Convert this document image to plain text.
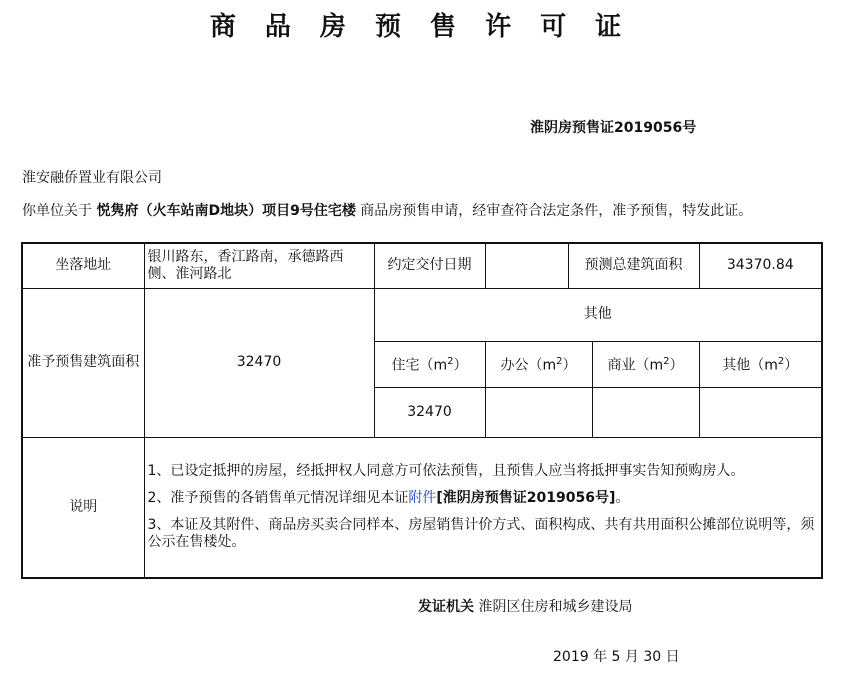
商 品 房 预 售 许 可 证
淮阴房预售证2019056号
淮安融侨置业有限公司
你单位关于 悦隽府（火车站南D地块）项目9号住宅楼 商品房预售申请，经审查符合法定条件，准予预售，特发此证。
坐落地址	银川路东，香江路南，承德路西侧、淮河路北	约定交付日期		预测总建筑面积		34370.84
准予预售建筑面积	32470	其他				
		住宅$(m^2)$	办公$(m^2)$		商业$(m^2)$	其他$(m^2)$
		32470				
说明	1、已设定抵押的房屋，经抵押权人同意方可依法预售，且预售人应当将抵押事实告知预购房人。

2、准予预售的各销售单元情况详细见本证附件[淮阴房预售证2019056号]。

3、本证及其附件、商品房买卖合同样本、房屋销售计价方式、面积构成、共有共用面积公摊部位说明等，须公示在售楼处。					

发证机关 淮阴区住房和城乡建设局
2019 年 5 月 30 日
